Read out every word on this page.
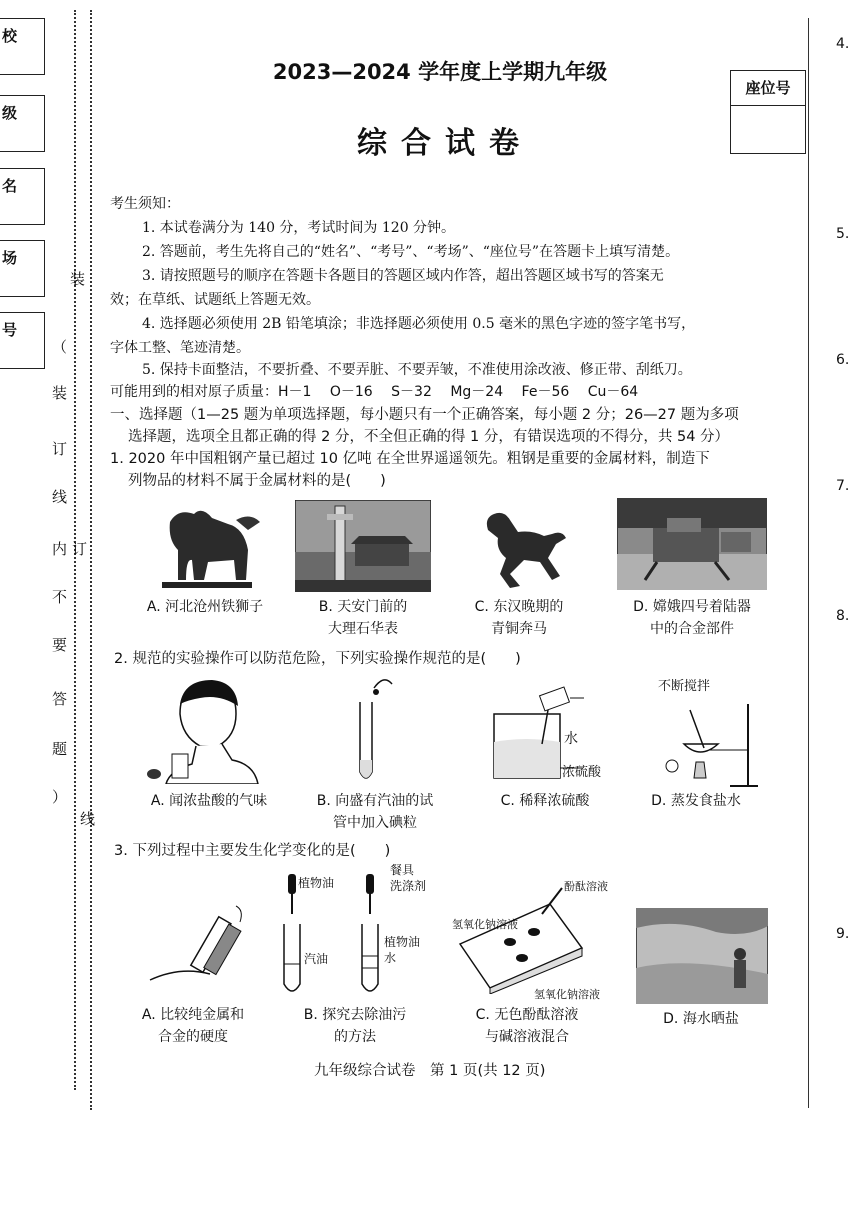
校
级
名
场
号
装
（
装
订
线
内 订
不
要
答
题
）
线
4.
5.
6.
7.
8.
9.
2023—2024 学年度上学期九年级
综合试卷
座位号
考生须知：
1. 本试卷满分为 140 分，考试时间为 120 分钟。
2. 答题前，考生先将自己的“姓名”、“考号”、“考场”、“座位号”在答题卡上填写清楚。
3. 请按照题号的顺序在答题卡各题目的答题区域内作答，超出答题区域书写的答案无
效；在草纸、试题纸上答题无效。
4. 选择题必须使用 2B 铅笔填涂；非选择题必须使用 0.5 毫米的黑色字迹的签字笔书写，
字体工整、笔迹清楚。
5. 保持卡面整洁，不要折叠、不要弄脏、不要弄皱，不准使用涂改液、修正带、刮纸刀。
可能用到的相对原子质量：H－1　 O－16　 S－32　 Mg－24　 Fe－56　 Cu－64
一、选择题（1—25 题为单项选择题，每小题只有一个正确答案，每小题 2 分；26—27 题为多项
选择题，选项全且都正确的得 2 分，不全但正确的得 1 分，有错误选项的不得分，共 54 分）
1. 2020 年中国粗钢产量已超过 10 亿吨 在全世界遥遥领先。粗钢是重要的金属材料，制造下
列物品的材料不属于金属材料的是(　　)
A. 河北沧州铁狮子	B. 天安门前的
大理石华表
C. 东汉晚期的
青铜奔马
D. 嫦娥四号着陆器
中的合金部件
2. 规范的实验操作可以防范危险，下列实验操作规范的是(　　)
水
浓硫酸
不断搅拌
A. 闻浓盐酸的气味	B. 向盛有汽油的试
管中加入碘粒
C. 稀释浓硫酸	D. 蒸发食盐水
3. 下列过程中主要发生化学变化的是(　　)
植物油
餐具
洗涤剂
汽油
植物油
水
氢氧化钠溶液
酚酞溶液
氢氧化钠溶液
A. 比较纯金属和
合金的硬度
B. 探究去除油污
的方法
C. 无色酚酞溶液
与碱溶液混合
D. 海水晒盐
九年级综合试卷　第 1 页(共 12 页)
